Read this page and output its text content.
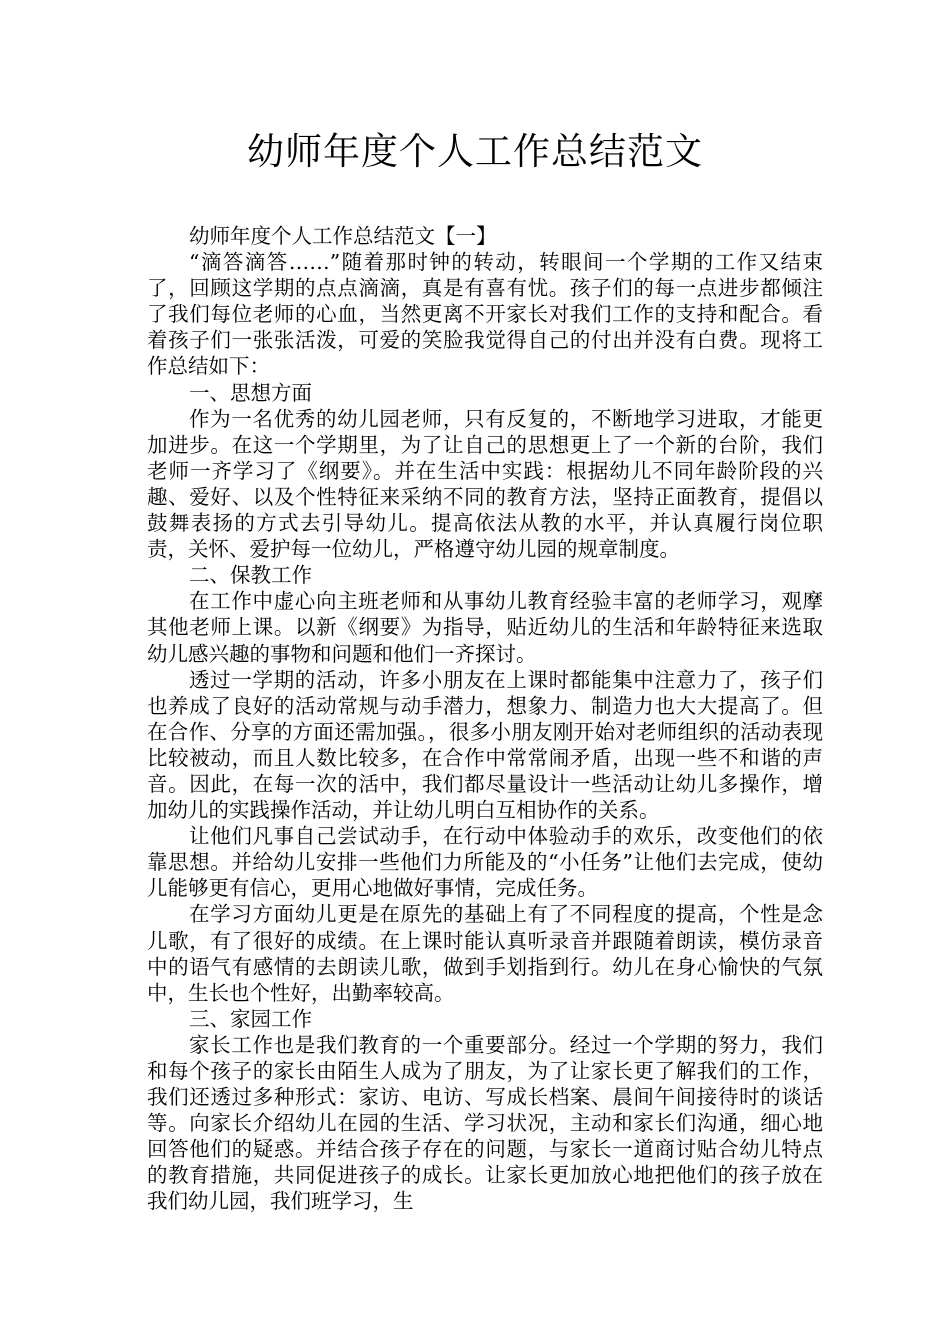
幼师年度个人工作总结范文

幼师年度个人工作总结范文【一】

“滴答滴答……”随着那时钟的转动，转眼间一个学期的工作又结束了，回顾这学期的点点滴滴，真是有喜有忧。孩子们的每一点进步都倾注了我们每位老师的心血，当然更离不开家长对我们工作的支持和配合。看着孩子们一张张活泼，可爱的笑脸我觉得自己的付出并没有白费。现将工作总结如下：

一、思想方面

作为一名优秀的幼儿园老师，只有反复的，不断地学习进取，才能更加进步。在这一个学期里，为了让自己的思想更上了一个新的台阶，我们老师一齐学习了《纲要》。并在生活中实践：根据幼儿不同年龄阶段的兴趣、爱好、以及个性特征来采纳不同的教育方法，坚持正面教育，提倡以鼓舞表扬的方式去引导幼儿。提高依法从教的水平，并认真履行岗位职责，关怀、爱护每一位幼儿，严格遵守幼儿园的规章制度。

二、保教工作

在工作中虚心向主班老师和从事幼儿教育经验丰富的老师学习，观摩其他老师上课。以新《纲要》为指导，贴近幼儿的生活和年龄特征来选取幼儿感兴趣的事物和问题和他们一齐探讨。

透过一学期的活动，许多小朋友在上课时都能集中注意力了，孩子们也养成了良好的活动常规与动手潜力，想象力、制造力也大大提高了。但在合作、分享的方面还需加强。，很多小朋友刚开始对老师组织的活动表现比较被动，而且人数比较多，在合作中常常闹矛盾，出现一些不和谐的声音。因此，在每一次的活中，我们都尽量设计一些活动让幼儿多操作，增加幼儿的实践操作活动，并让幼儿明白互相协作的关系。

让他们凡事自己尝试动手，在行动中体验动手的欢乐，改变他们的依靠思想。并给幼儿安排一些他们力所能及的“小任务”让他们去完成，使幼儿能够更有信心，更用心地做好事情，完成任务。

在学习方面幼儿更是在原先的基础上有了不同程度的提高，个性是念儿歌，有了很好的成绩。在上课时能认真听录音并跟随着朗读，模仿录音中的语气有感情的去朗读儿歌，做到手划指到行。幼儿在身心愉快的气氛中，生长也个性好，出勤率较高。

三、家园工作

家长工作也是我们教育的一个重要部分。经过一个学期的努力，我们和每个孩子的家长由陌生人成为了朋友，为了让家长更了解我们的工作，我们还透过多种形式：家访、电访、写成长档案、晨间午间接待时的谈话等。向家长介绍幼儿在园的生活、学习状况，主动和家长们沟通，细心地回答他们的疑惑。并结合孩子存在的问题，与家长一道商讨贴合幼儿特点的教育措施，共同促进孩子的成长。让家长更加放心地把他们的孩子放在我们幼儿园，我们班学习，生
